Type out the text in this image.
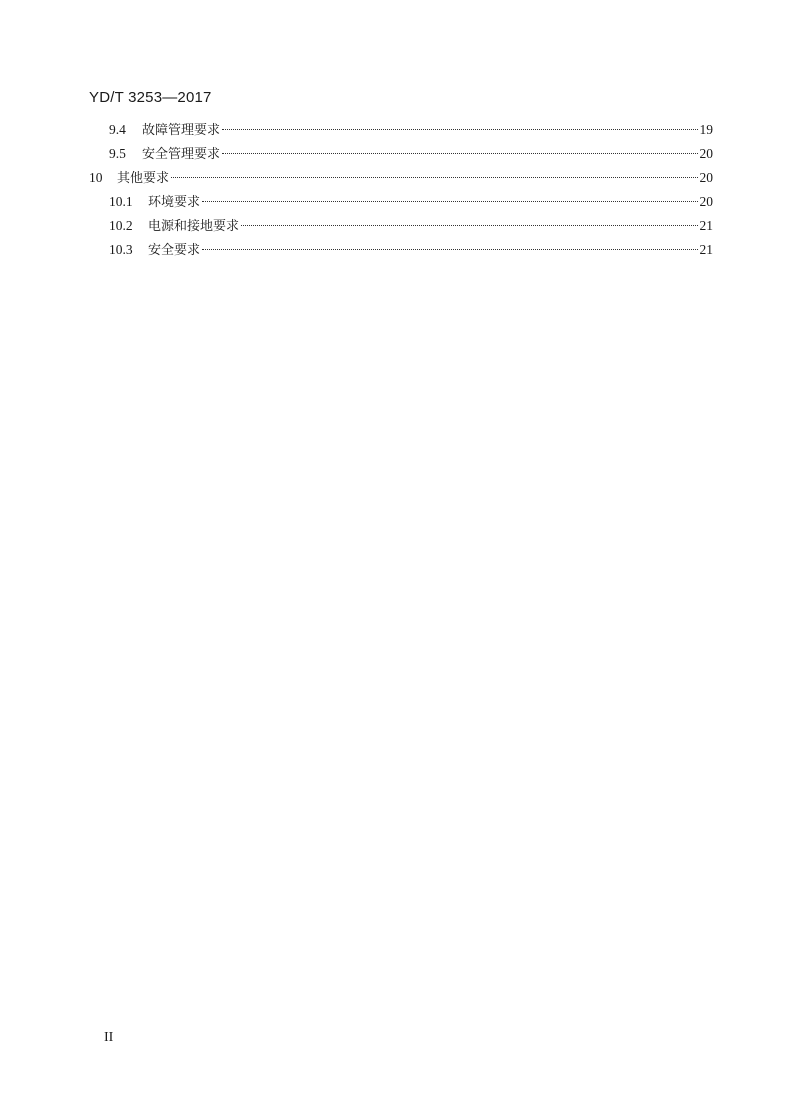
YD/T 3253—2017
9.4	故障管理要求	19
9.5	安全管理要求	20
10	其他要求	20
10.1	环境要求	20
10.2	电源和接地要求	21
10.3	安全要求	21
II
